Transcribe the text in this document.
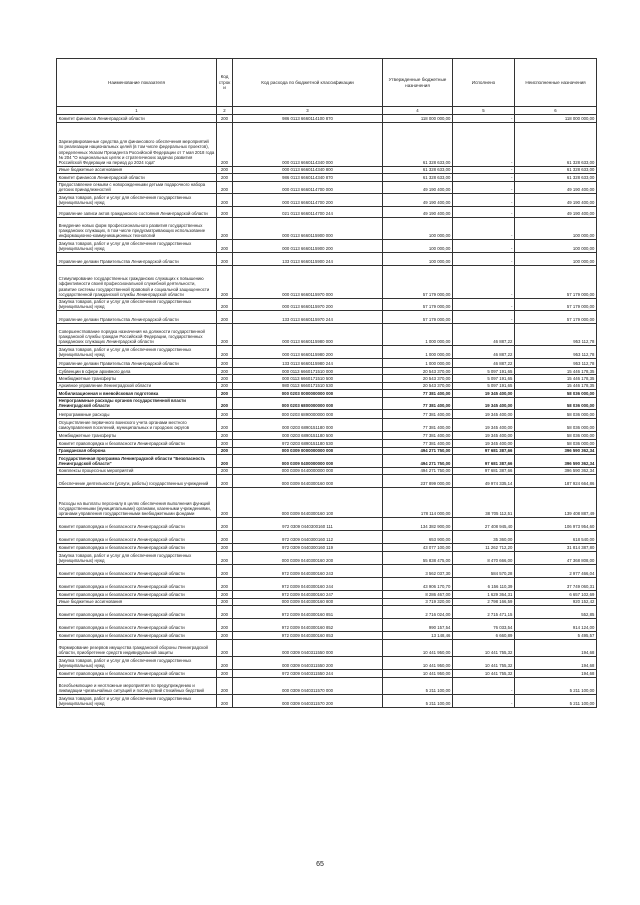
Наименование показателя	Код строки	Код расхода по бюджетной классификации	Утвержденные бюджетные назначения	Исполнено	Неисполненные назначения
1	2	3	4	5	6
Комитет финансов Ленинградской области	200	986 0113 6660114100 870	118 000 000,00	-	118 000 000,00
Зарезервированные средства для финансового обеспечения мероприятий по реализации национальных целей (в том числе федеральных проектов), определенных Указом Президента Российской Федерации от 7 мая 2018 года № 204 "О национальных целях и стратегических задачах развития Российской Федерации на период до 2024 года"	200	000 0113 6660114340 000	61 328 633,00	-	61 328 633,00
Иные бюджетные ассигнования	200	000 0113 6660114340 800	61 328 633,00	-	61 328 633,00
Комитет финансов Ленинградской области	200	986 0113 6660114340 870	61 328 633,00	-	61 328 633,00
Предоставление семьям с новорожденными детьми подарочного набора детских принадлежностей	200	000 0113 6660114700 000	49 190 400,00	-	49 190 400,00
Закупка товаров, работ и услуг для обеспечения государственных (муниципальных) нужд	200	000 0113 6660114700 200	49 190 400,00	-	49 190 400,00
Управление записи актов гражданского состояния Ленинградской области	200	021 0113 6660114700 244	49 190 400,00	-	49 190 400,00
Внедрение новых форм профессионального развития государственных гражданских служащих, в том числе предусматривающих использование информационно-коммуникационных технологий	200	000 0113 6660115900 000	100 000,00	-	100 000,00
Закупка товаров, работ и услуг для обеспечения государственных (муниципальных) нужд	200	000 0113 6660115900 200	100 000,00	-	100 000,00
Управление делами Правительства Ленинградской области	200	133 0113 6660115900 244	100 000,00	-	100 000,00
Стимулирование государственных гражданских служащих к повышению эффективности своей профессиональной служебной деятельности, развитие системы государственной правовой и социальной защищенности государственной гражданской службы Ленинградской области	200	000 0113 6660115970 000	57 179 000,00	-	57 179 000,00
Закупка товаров, работ и услуг для обеспечения государственных (муниципальных) нужд	200	000 0113 6660115970 200	57 179 000,00	-	57 179 000,00
Управление делами Правительства Ленинградской области	200	133 0113 6660115970 244	57 179 000,00	-	57 179 000,00
Совершенствование порядка назначения на должности государственной гражданской службы граждан Российской Федерации, государственных гражданских служащих Ленинградской области	200	000 0113 6660115980 000	1 000 000,00	46 887,22	953 112,78
Закупка товаров, работ и услуг для обеспечения государственных (муниципальных) нужд	200	000 0113 6660115980 200	1 000 000,00	46 887,22	953 112,78
Управление делами Правительства Ленинградской области	200	133 0113 6660115980 244	1 000 000,00	46 887,22	953 112,78
Субвенции в сфере архивного дела	200	000 0113 6660171510 000	20 543 370,00	5 097 191,65	15 446 178,35
Межбюджетные трансферты	200	000 0113 6660171510 500	20 543 370,00	5 097 191,65	15 446 178,35
Архивное управление Ленинградской области	200	980 0113 6660171510 530	20 543 370,00	5 097 191,65	15 446 178,35
Мобилизационная и вневойсковая подготовка	200	000 0203 0000000000 000	77 381 400,00	19 345 400,00	58 036 000,00
Непрограммные расходы органов государственной власти Ленинградской области	200	000 0203 6800000000 000	77 381 400,00	19 345 400,00	58 036 000,00
Непрограммные расходы	200	000 0203 6890000000 000	77 381 400,00	19 345 400,00	58 036 000,00
Осуществление первичного воинского учета органами местного самоуправления поселений, муниципальных и городских округов	200	000 0203 6890151180 000	77 381 400,00	19 345 400,00	58 036 000,00
Межбюджетные трансферты	200	000 0203 6890151180 500	77 381 400,00	19 345 400,00	58 036 000,00
Комитет правопорядка и безопасности Ленинградской области	200	972 0203 6890151180 530	77 381 400,00	19 345 400,00	58 036 000,00
Гражданская оборона	200	000 0309 0000000000 000	494 271 750,00	97 681 387,66	396 590 362,34
Государственная программа Ленинградской области "Безопасность Ленинградской области"	200	000 0309 0400000000 000	494 271 750,00	97 681 387,66	396 590 362,34
Комплексы процессных мероприятий	200	000 0309 0440000000 000	494 271 750,00	97 681 387,66	396 590 362,34
Обеспечение деятельности (услуги, работы) государственных учреждений	200	000 0309 0440300160 000	237 899 000,00	49 974 335,14	187 924 664,86
Расходы на выплаты персоналу в целях обеспечения выполнения функций государственными (муниципальными) органами, казенными учреждениями, органами управления государственными внебюджетными фондами	200	000 0309 0440300160 100	178 114 000,00	38 705 112,51	139 408 887,49
Комитет правопорядка и безопасности Ленинградской области	200	972 0309 0440300160 111	134 382 900,00	27 408 945,40	106 973 954,60
Комитет правопорядка и безопасности Ленинградской области	200	972 0309 0440300160 112	653 900,00	35 360,00	618 540,00
Комитет правопорядка и безопасности Ленинградской области	200	972 0309 0440300160 119	43 077 100,00	11 262 712,20	31 814 387,80
Закупка товаров, работ и услуг для обеспечения государственных (муниципальных) нужд	200	000 0309 0440300160 200	55 838 475,00	8 470 666,00	47 368 808,00
Комитет правопорядка и безопасности Ленинградской области	200	972 0309 0440300160 243	3 562 037,30	584 570,28	2 977 466,04
Комитет правопорядка и безопасности Ленинградской области	200	972 0309 0440300160 244	43 906 170,70	6 156 110,39	37 749 060,31
Комитет правопорядка и безопасности Ленинградской области	200	972 0309 0440300160 247	8 286 467,00	1 629 364,31	6 657 102,69
Иные бюджетные ассигнования	200	000 0309 0440300160 800	3 719 320,00	2 798 166,59	920 152,42
Комитет правопорядка и безопасности Ленинградской области	200	972 0309 0440300160 851	2 716 024,00	2 715 471,15	552,85
Комитет правопорядка и безопасности Ленинградской области	200	972 0309 0440300160 852	990 157,54	76 033,54	914 124,00
Комитет правопорядка и безопасности Ленинградской области	200	972 0309 0440300160 853	13 148,46	6 660,89	5 495,57
Формирование резервов имущества гражданской обороны Ленинградской области, приобретение средств индивидуальной защиты	200	000 0309 0440311550 000	10 441 950,00	10 441 755,32	194,68
Закупка товаров, работ и услуг для обеспечения государственных (муниципальных) нужд	200	000 0309 0440311550 200	10 441 950,00	10 441 755,32	194,68
Комитет правопорядка и безопасности Ленинградской области	200	972 0309 0440311550 244	10 441 950,00	10 441 755,32	194,68
Всеобъемлющие и неотложные мероприятия по предупреждению и ликвидации чрезвычайных ситуаций и последствий стихийных бедствий	200	000 0309 0440311570 000	5 211 100,00	-	5 211 100,00
Закупка товаров, работ и услуг для обеспечения государственных (муниципальных) нужд	200	000 0309 0440311570 200	5 211 100,00	-	5 211 100,00
65
